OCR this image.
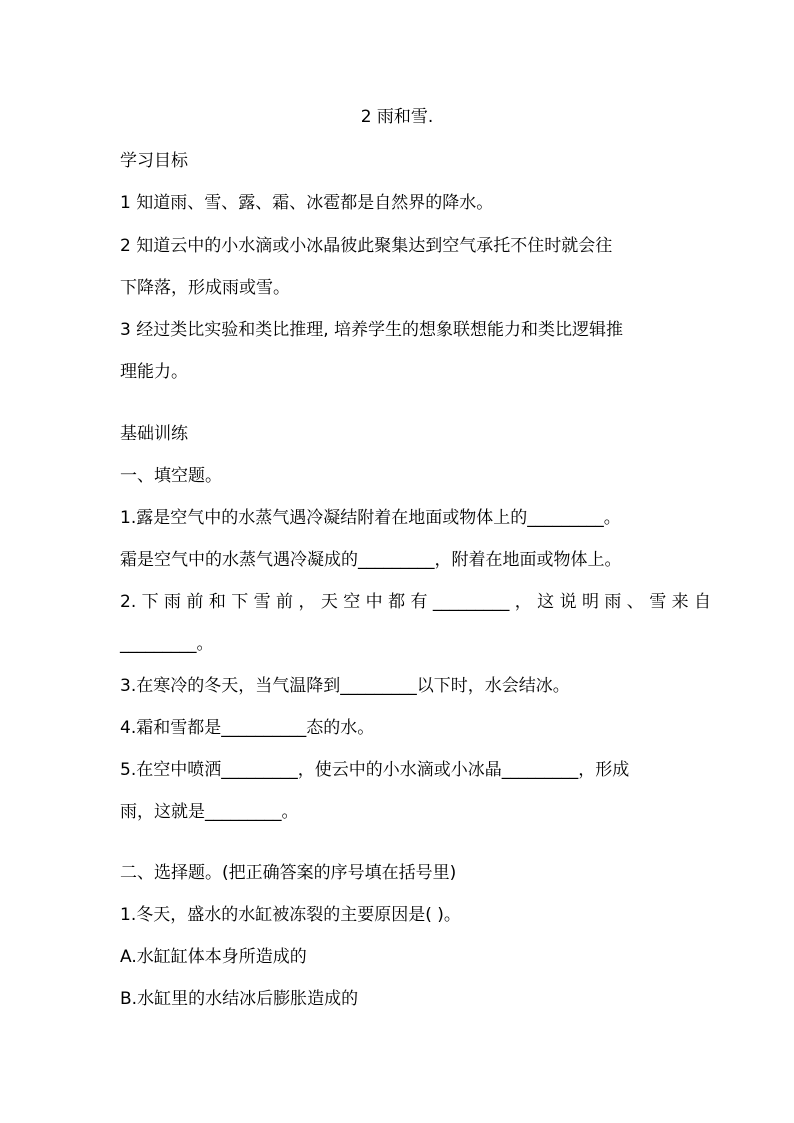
2 雨和雪.
学习目标
1 知道雨、雪、露、霜、冰雹都是自然界的降水。
2 知道云中的小水滴或小冰晶彼此聚集达到空气承托不住时就会往
下降落，形成雨或雪。
3 经过类比实验和类比推理, 培养学生的想象联想能力和类比逻辑推
理能力。
基础训练
一、填空题。
1.露是空气中的水蒸气遇冷凝结附着在地面或物体上的_________。
霜是空气中的水蒸气遇冷凝成的_________，附着在地面或物体上。
2. 下 雨 前 和 下 雪 前 ， 天 空 中 都 有 _________ ， 这 说 明 雨 、 雪 来 自
_________。
3.在寒冷的冬天，当气温降到_________以下时，水会结冰。
4.霜和雪都是__________态的水。
5.在空中喷洒_________，使云中的小水滴或小冰晶_________，形成
雨，这就是_________。
二、选择题。(把正确答案的序号填在括号里)
1.冬天，盛水的水缸被冻裂的主要原因是( )。
A.水缸缸体本身所造成的
B.水缸里的水结冰后膨胀造成的
